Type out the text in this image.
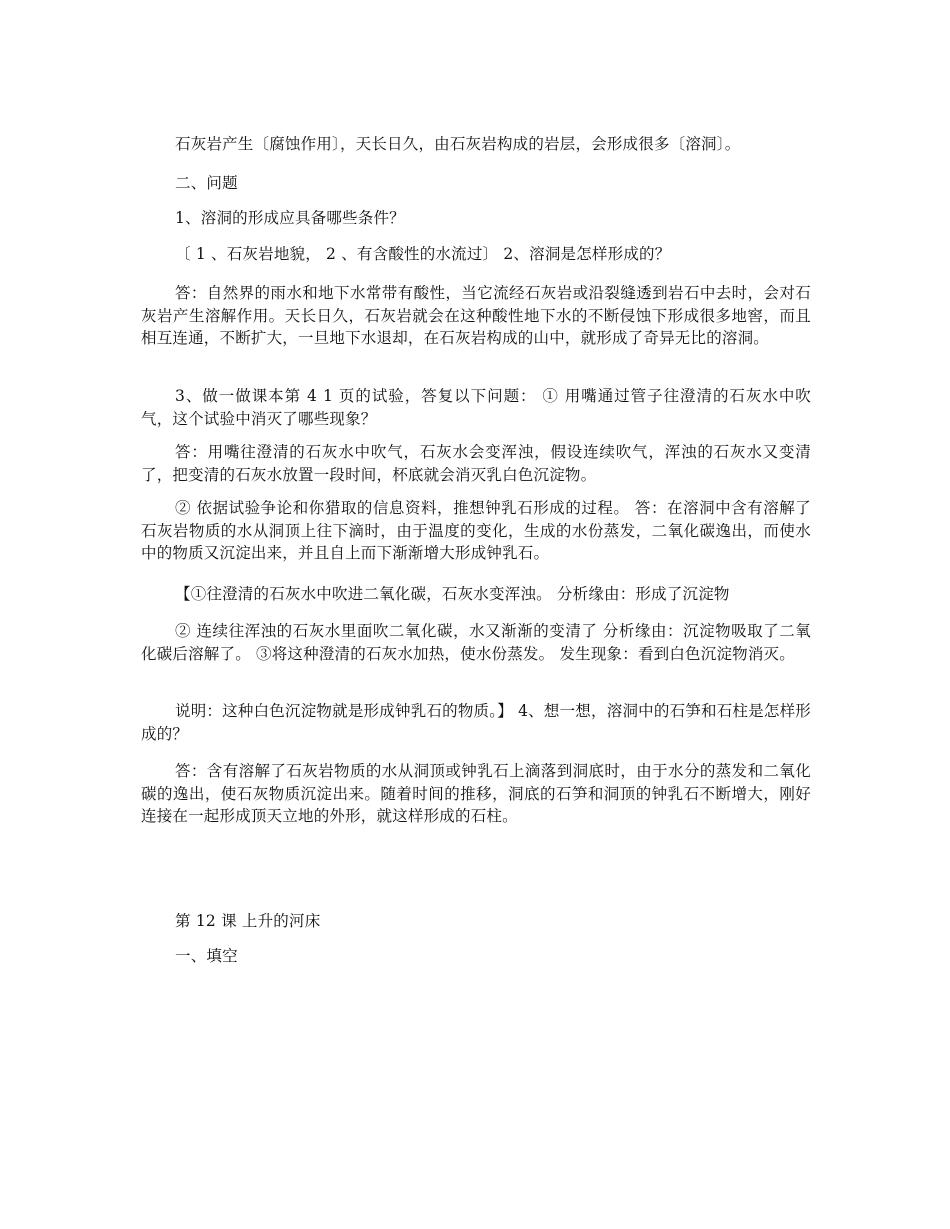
石灰岩产生〔腐蚀作用〕，天长日久，由石灰岩构成的岩层，会形成很多〔溶洞〕。

二、问题

1、溶洞的形成应具备哪些条件？

〔 1 、石灰岩地貌， 2 、有含酸性的水流过〕 2、溶洞是怎样形成的？

答：自然界的雨水和地下水常带有酸性，当它流经石灰岩或沿裂缝透到岩石中去时，会对石灰岩产生溶解作用。天长日久，石灰岩就会在这种酸性地下水的不断侵蚀下形成很多地窖，而且相互连通，不断扩大，一旦地下水退却，在石灰岩构成的山中，就形成了奇异无比的溶洞。

3、做一做课本第 4 1 页的试验，答复以下问题： ① 用嘴通过管子往澄清的石灰水中吹气，这个试验中消灭了哪些现象？

答：用嘴往澄清的石灰水中吹气，石灰水会变浑浊，假设连续吹气，浑浊的石灰水又变清了，把变清的石灰水放置一段时间，杯底就会消灭乳白色沉淀物。

② 依据试验争论和你猎取的信息资料，推想钟乳石形成的过程。 答：在溶洞中含有溶解了石灰岩物质的水从洞顶上往下滴时，由于温度的变化，生成的水份蒸发，二氧化碳逸出，而使水中的物质又沉淀出来，并且自上而下渐渐增大形成钟乳石。

【①往澄清的石灰水中吹进二氧化碳，石灰水变浑浊。 分析缘由：形成了沉淀物

② 连续往浑浊的石灰水里面吹二氧化碳，水又渐渐的变清了 分析缘由：沉淀物吸取了二氧化碳后溶解了。 ③将这种澄清的石灰水加热，使水份蒸发。 发生现象：看到白色沉淀物消灭。

说明：这种白色沉淀物就是形成钟乳石的物质。】 4、想一想，溶洞中的石笋和石柱是怎样形成的？

答：含有溶解了石灰岩物质的水从洞顶或钟乳石上滴落到洞底时，由于水分的蒸发和二氧化碳的逸出，使石灰物质沉淀出来。随着时间的推移，洞底的石笋和洞顶的钟乳石不断增大，刚好连接在一起形成顶天立地的外形，就这样形成的石柱。

第 12 课 上升的河床

一、填空
